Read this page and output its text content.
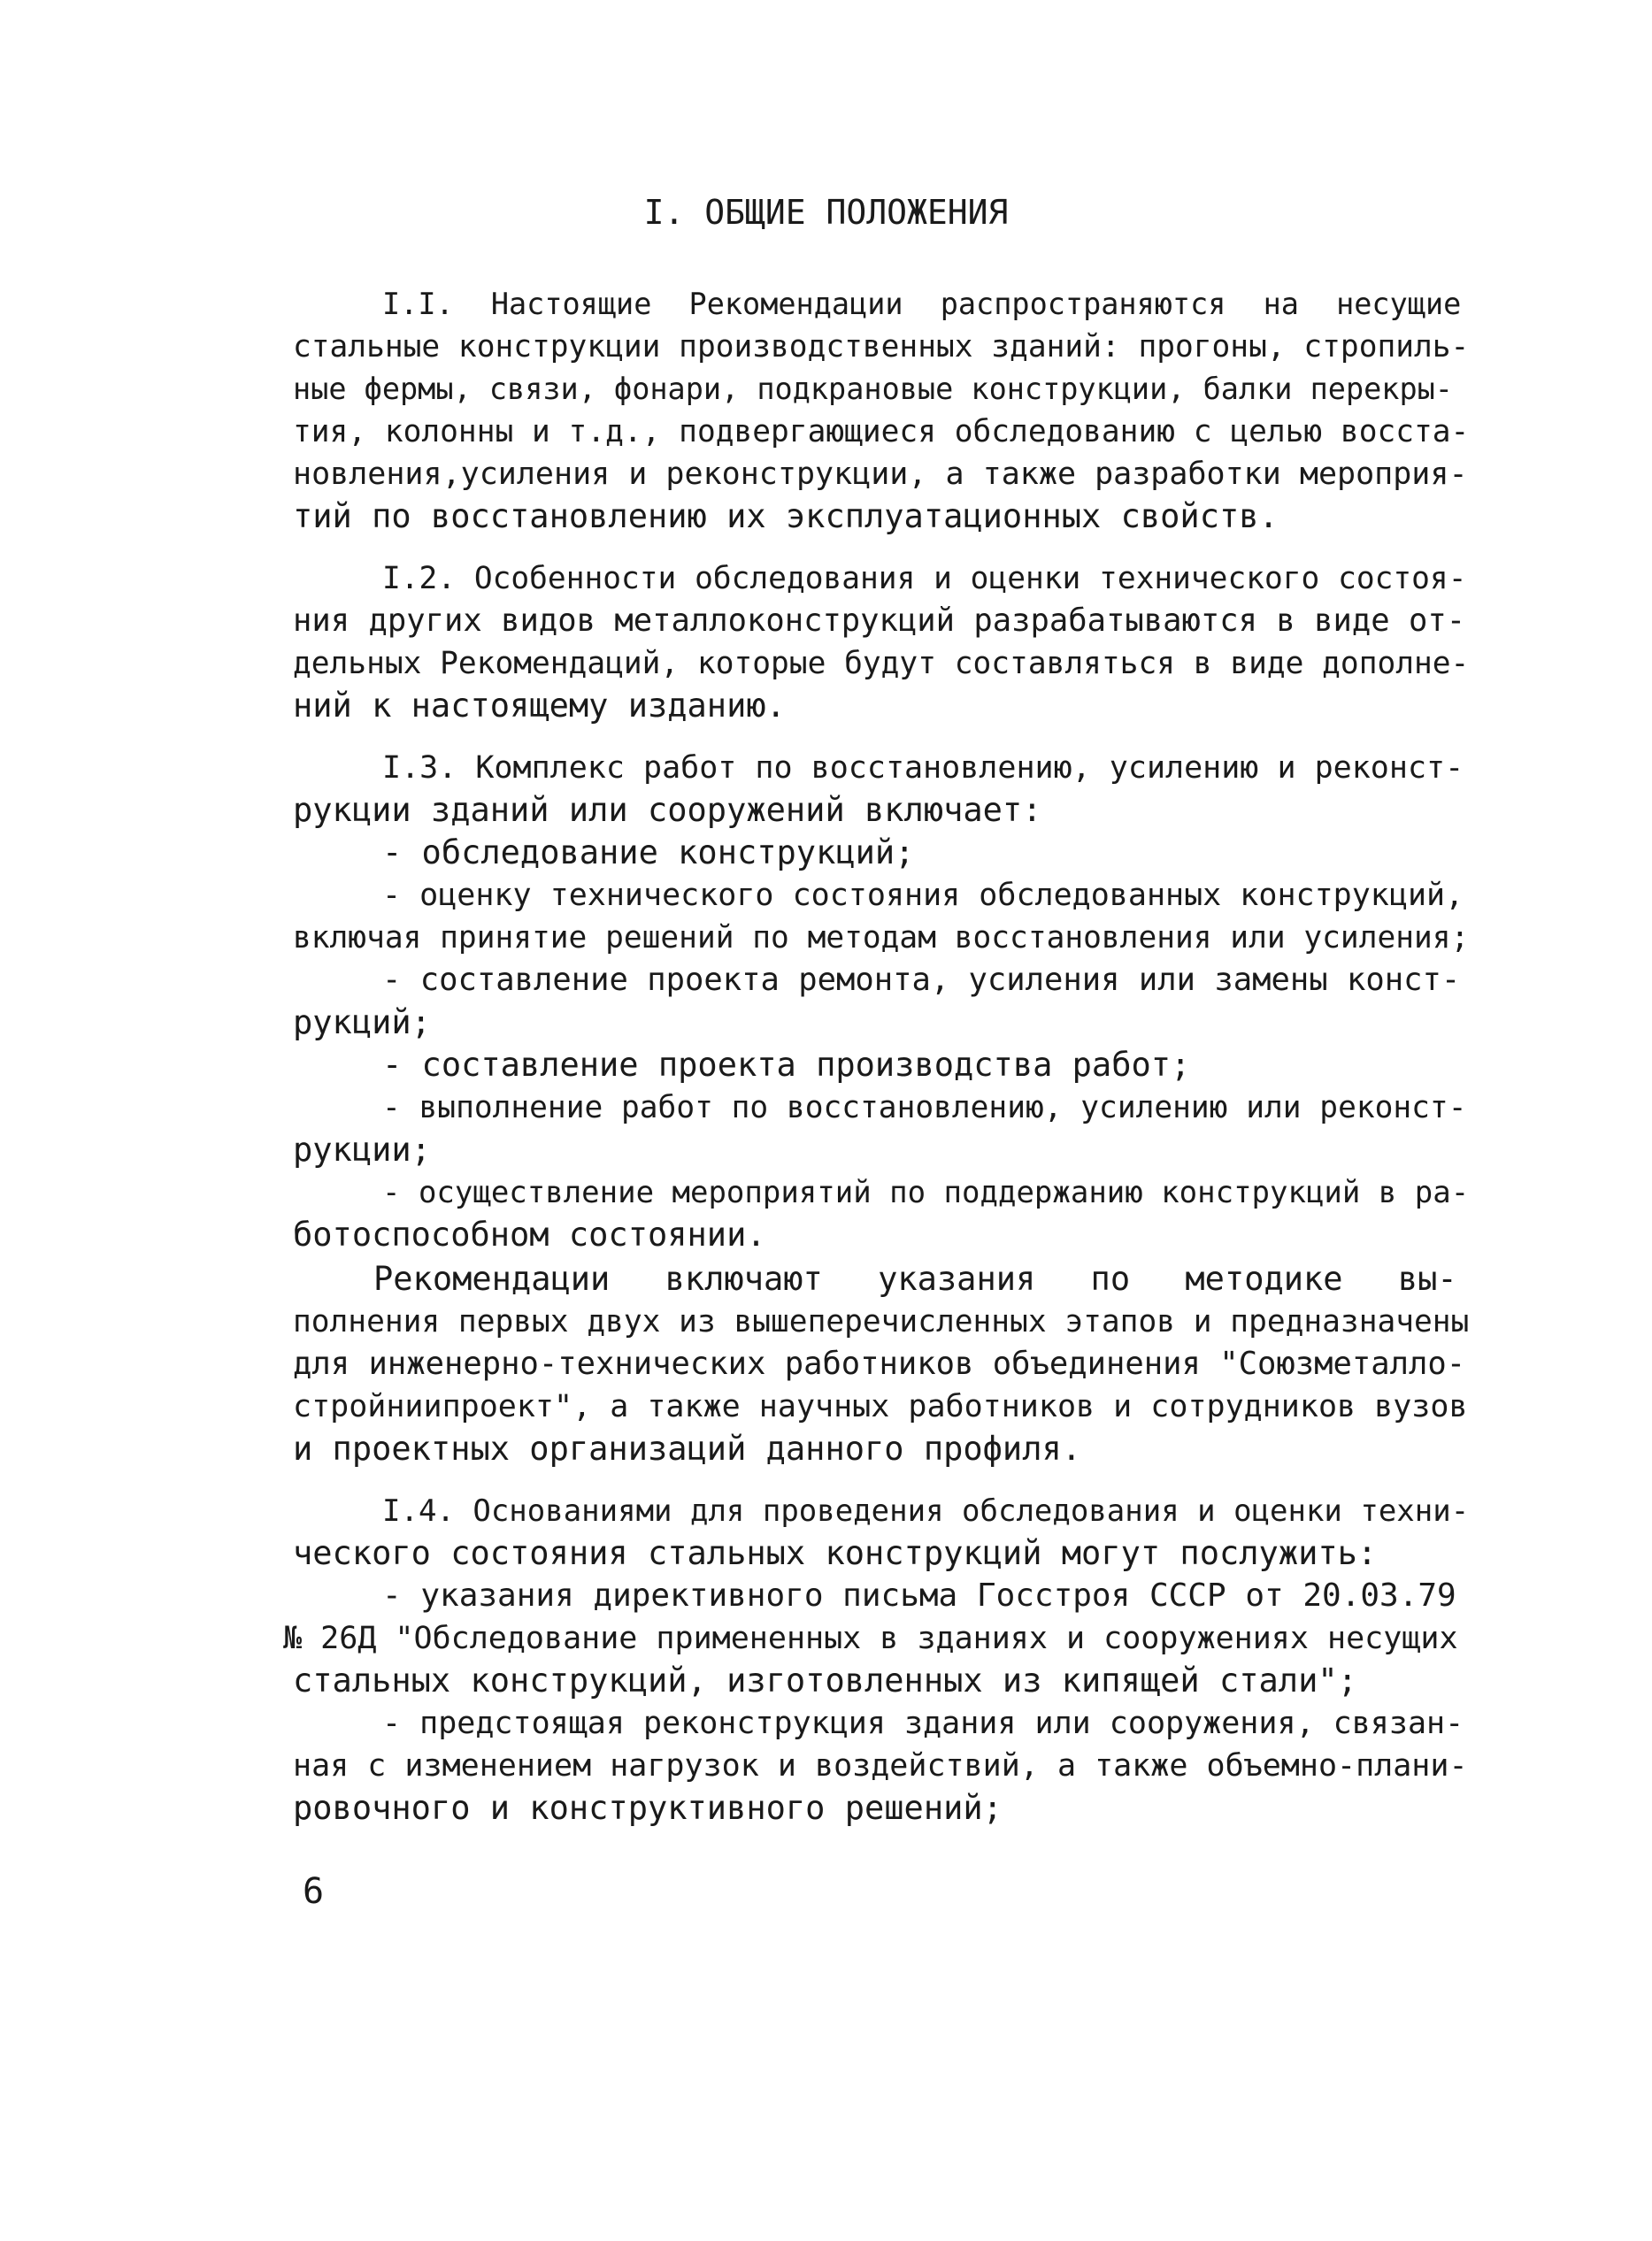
I. ОБЩИЕ ПОЛОЖЕНИЯ
I.I. Настоящие Рекомендации распространяются на несущие
стальные конструкции производственных зданий: прогоны, стропиль-
ные фермы, связи, фонари, подкрановые конструкции, балки перекры-
тия, колонны и т.д., подвергающиеся обследованию с целью восста-
новления,усиления и реконструкции, а также разработки мероприя-
тий по восстановлению их эксплуатационных свойств.
I.2. Особенности обследования и оценки технического состоя-
ния других видов металлоконструкций разрабатываются в виде от-
дельных Рекомендаций, которые будут составляться в виде дополне-
ний к настоящему изданию.
I.3. Комплекс работ по восстановлению, усилению и реконст-
рукции зданий или сооружений включает:
- обследование конструкций;
- оценку технического состояния обследованных конструкций,
включая принятие решений по методам восстановления или усиления;
- составление проекта ремонта, усиления или замены конст-
рукций;
- составление проекта производства работ;
- выполнение работ по восстановлению, усилению или реконст-
рукции;
- осуществление мероприятий по поддержанию конструкций в ра-
ботоспособном состоянии.
Рекомендации включают указания по методике вы-
полнения первых двух из вышеперечисленных этапов и предназначены
для инженерно-технических работников объединения "Союзметалло-
стройниипроект", а также научных работников и сотрудников вузов
и проектных организаций данного профиля.
I.4. Основаниями для проведения обследования и оценки техни-
ческого состояния стальных конструкций могут послужить:
- указания директивного письма Госстроя СССР от 20.03.79
№ 26Д "Обследование примененных в зданиях и сооружениях несущих
стальных конструкций, изготовленных из кипящей стали";
- предстоящая реконструкция здания или сооружения, связан-
ная с изменением нагрузок и воздействий, а также объемно-плани-
ровочного и конструктивного решений;
6
